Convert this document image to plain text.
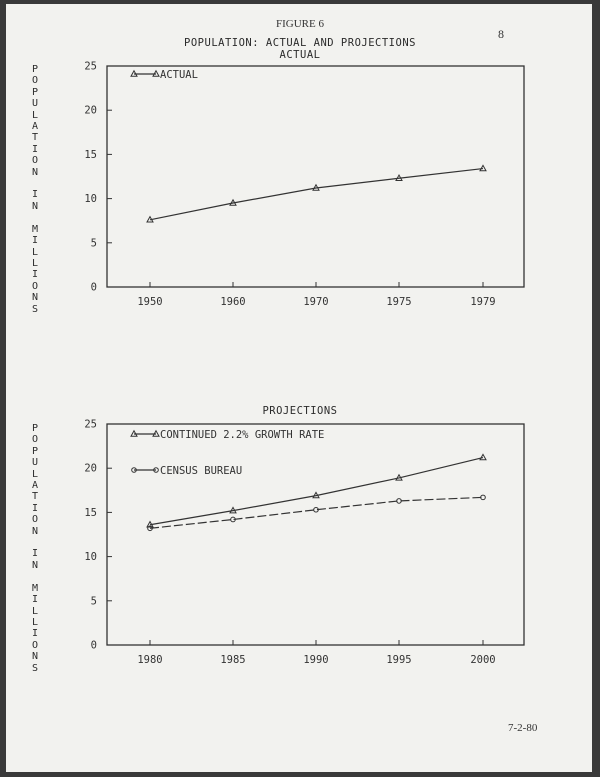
FIGURE 6
8
7-2-80
POPULATION: ACTUAL AND PROJECTIONS
ACTUAL
PROJECTIONS
P
O
P
U
L
A
T
I
O
N

I
N

M
I
L
L
I
O
N
S
P
O
P
U
L
A
T
I
O
N

I
N

M
I
L
L
I
O
N
S
0
5
10
15
20
25
1950	1960	1970	1975	1979
ACTUAL
0
5
10
15
20
25
1980	1985	1990	1995	2000
CONTINUED 2.2% GROWTH RATE
CENSUS BUREAU
